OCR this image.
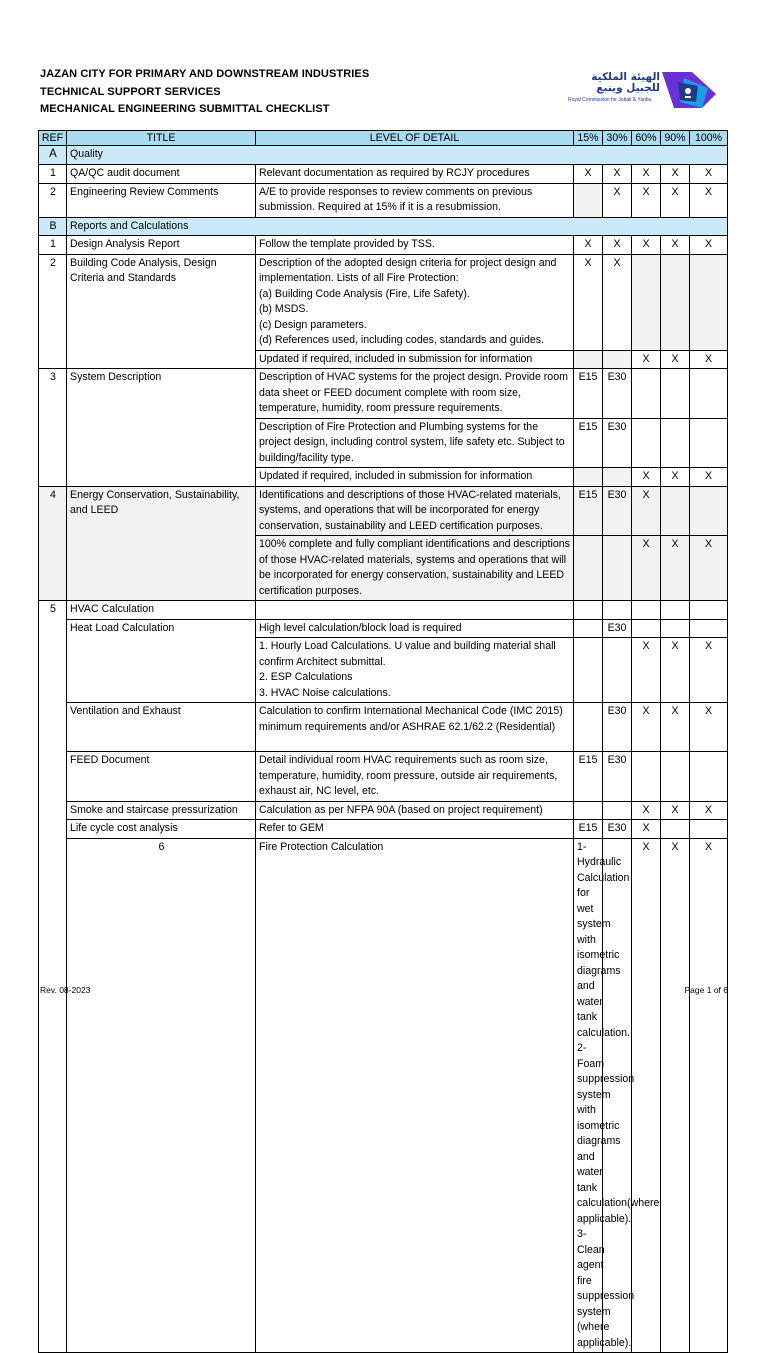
JAZAN CITY FOR PRIMARY AND DOWNSTREAM INDUSTRIES
TECHNICAL SUPPORT SERVICES
MECHANICAL ENGINEERING SUBMITTAL CHECKLIST
الهيئة الملكية
للجبيل وينبع
Royal Commission for Jubail & Yanbu
REF	TITLE	LEVEL OF DETAIL	15%	30%	60%	90%	100%	
A	Quality							
1	QA/QC audit document	Relevant documentation as required by RCJY procedures	X	X	X	X	X	
2	Engineering Review Comments	A/E to provide responses to review comments on previous submission. Required at 15% if it is a resubmission.		X	X	X	X	
B	Reports and Calculations							
1	Design Analysis Report	Follow the template provided by TSS.	X	X	X	X	X	
2	Building Code Analysis, Design Criteria and Standards	Description of the adopted design criteria for project design and implementation. Lists of all Fire Protection:
(a) Building Code Analysis (Fire, Life Safety).
(b) MSDS.
(c) Design parameters.
(d) References used, including codes, standards and guides.	X	X				
		Updated if required, included in submission for information			X	X	X	
3	System Description	Description of HVAC systems for the project design. Provide room data sheet or FEED document complete with room size, temperature, humidity, room pressure requirements.	E15	E30				
		Description of Fire Protection and Plumbing systems for the project design, including control system, life safety etc. Subject to building/facility type.	E15	E30				
		Updated if required, included in submission for information			X	X	X	
4	Energy Conservation, Sustainability, and LEED	Identifications and descriptions of those HVAC-related materials, systems, and operations that will be incorporated for energy conservation, sustainability and LEED certification purposes.	E15	E30	X			
		100% complete and fully compliant identifications and descriptions of those HVAC-related materials, systems and operations that will be incorporated for energy conservation, sustainability and LEED certification purposes.			X	X	X	
5	HVAC Calculation							
	Heat Load Calculation	High level calculation/block load is required		E30				

		1. Hourly Load Calculations. U value and building material shall confirm Architect submittal.
2. ESP Calculations
3. HVAC Noise calculations.			X	X	X	
	Ventilation and Exhaust	Calculation to confirm International Mechanical Code (IMC 2015) minimum requirements and/or ASHRAE 62.1/62.2 (Residential)		E30	X	X	X	
	FEED Document	Detail individual room HVAC requirements such as room size, temperature, humidity, room pressure, outside air requirements, exhaust air, NC level, etc.	E15	E30				
	Smoke and staircase pressurization	Calculation as per NFPA 90A (based on project requirement)			X	X	X	
	Life cycle cost analysis	Refer to GEM	E15	E30	X			
	6	Fire Protection Calculation	1- Hydraulic Calculation for wet system with isometric diagrams and water tank calculation.
2- Foam suppression system with isometric diagrams and water tank calculation(where applicable).
3- Clean agent fire suppression system (where applicable).		X	X	X	
Rev. 08-2023	Page 1 of 6
